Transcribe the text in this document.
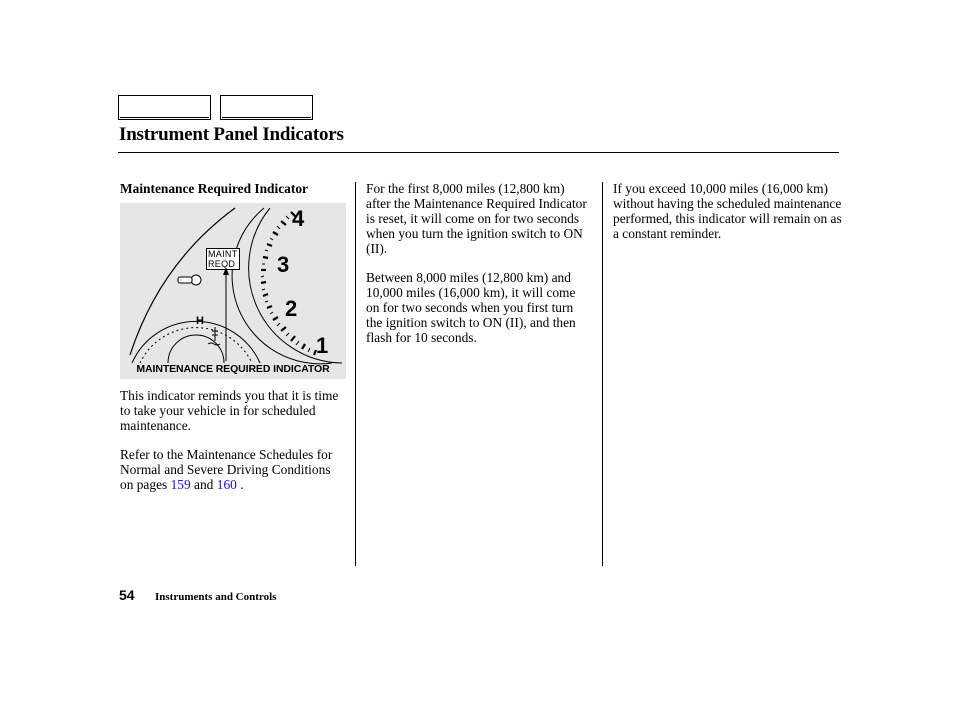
Instrument Panel Indicators
Maintenance Required Indicator
4
3
2
1
H
MAINT
REQD
MAINTENANCE REQUIRED INDICATOR

This indicator reminds you that it is time to take your vehicle in for scheduled maintenance.

Refer to the Maintenance Schedules for Normal and Severe Driving Conditions on pages 159 and 160 .

For the first 8,000 miles (12,800 km) after the Maintenance Required Indicator is reset, it will come on for two seconds when you turn the ignition switch to ON (II).

Between 8,000 miles (12,800 km) and 10,000 miles (16,000 km), it will come on for two seconds when you first turn the ignition switch to ON (II), and then flash for 10 seconds.

If you exceed 10,000 miles (16,000 km) without having the scheduled maintenance performed, this indicator will remain on as a constant reminder.

54 Instruments and Controls
